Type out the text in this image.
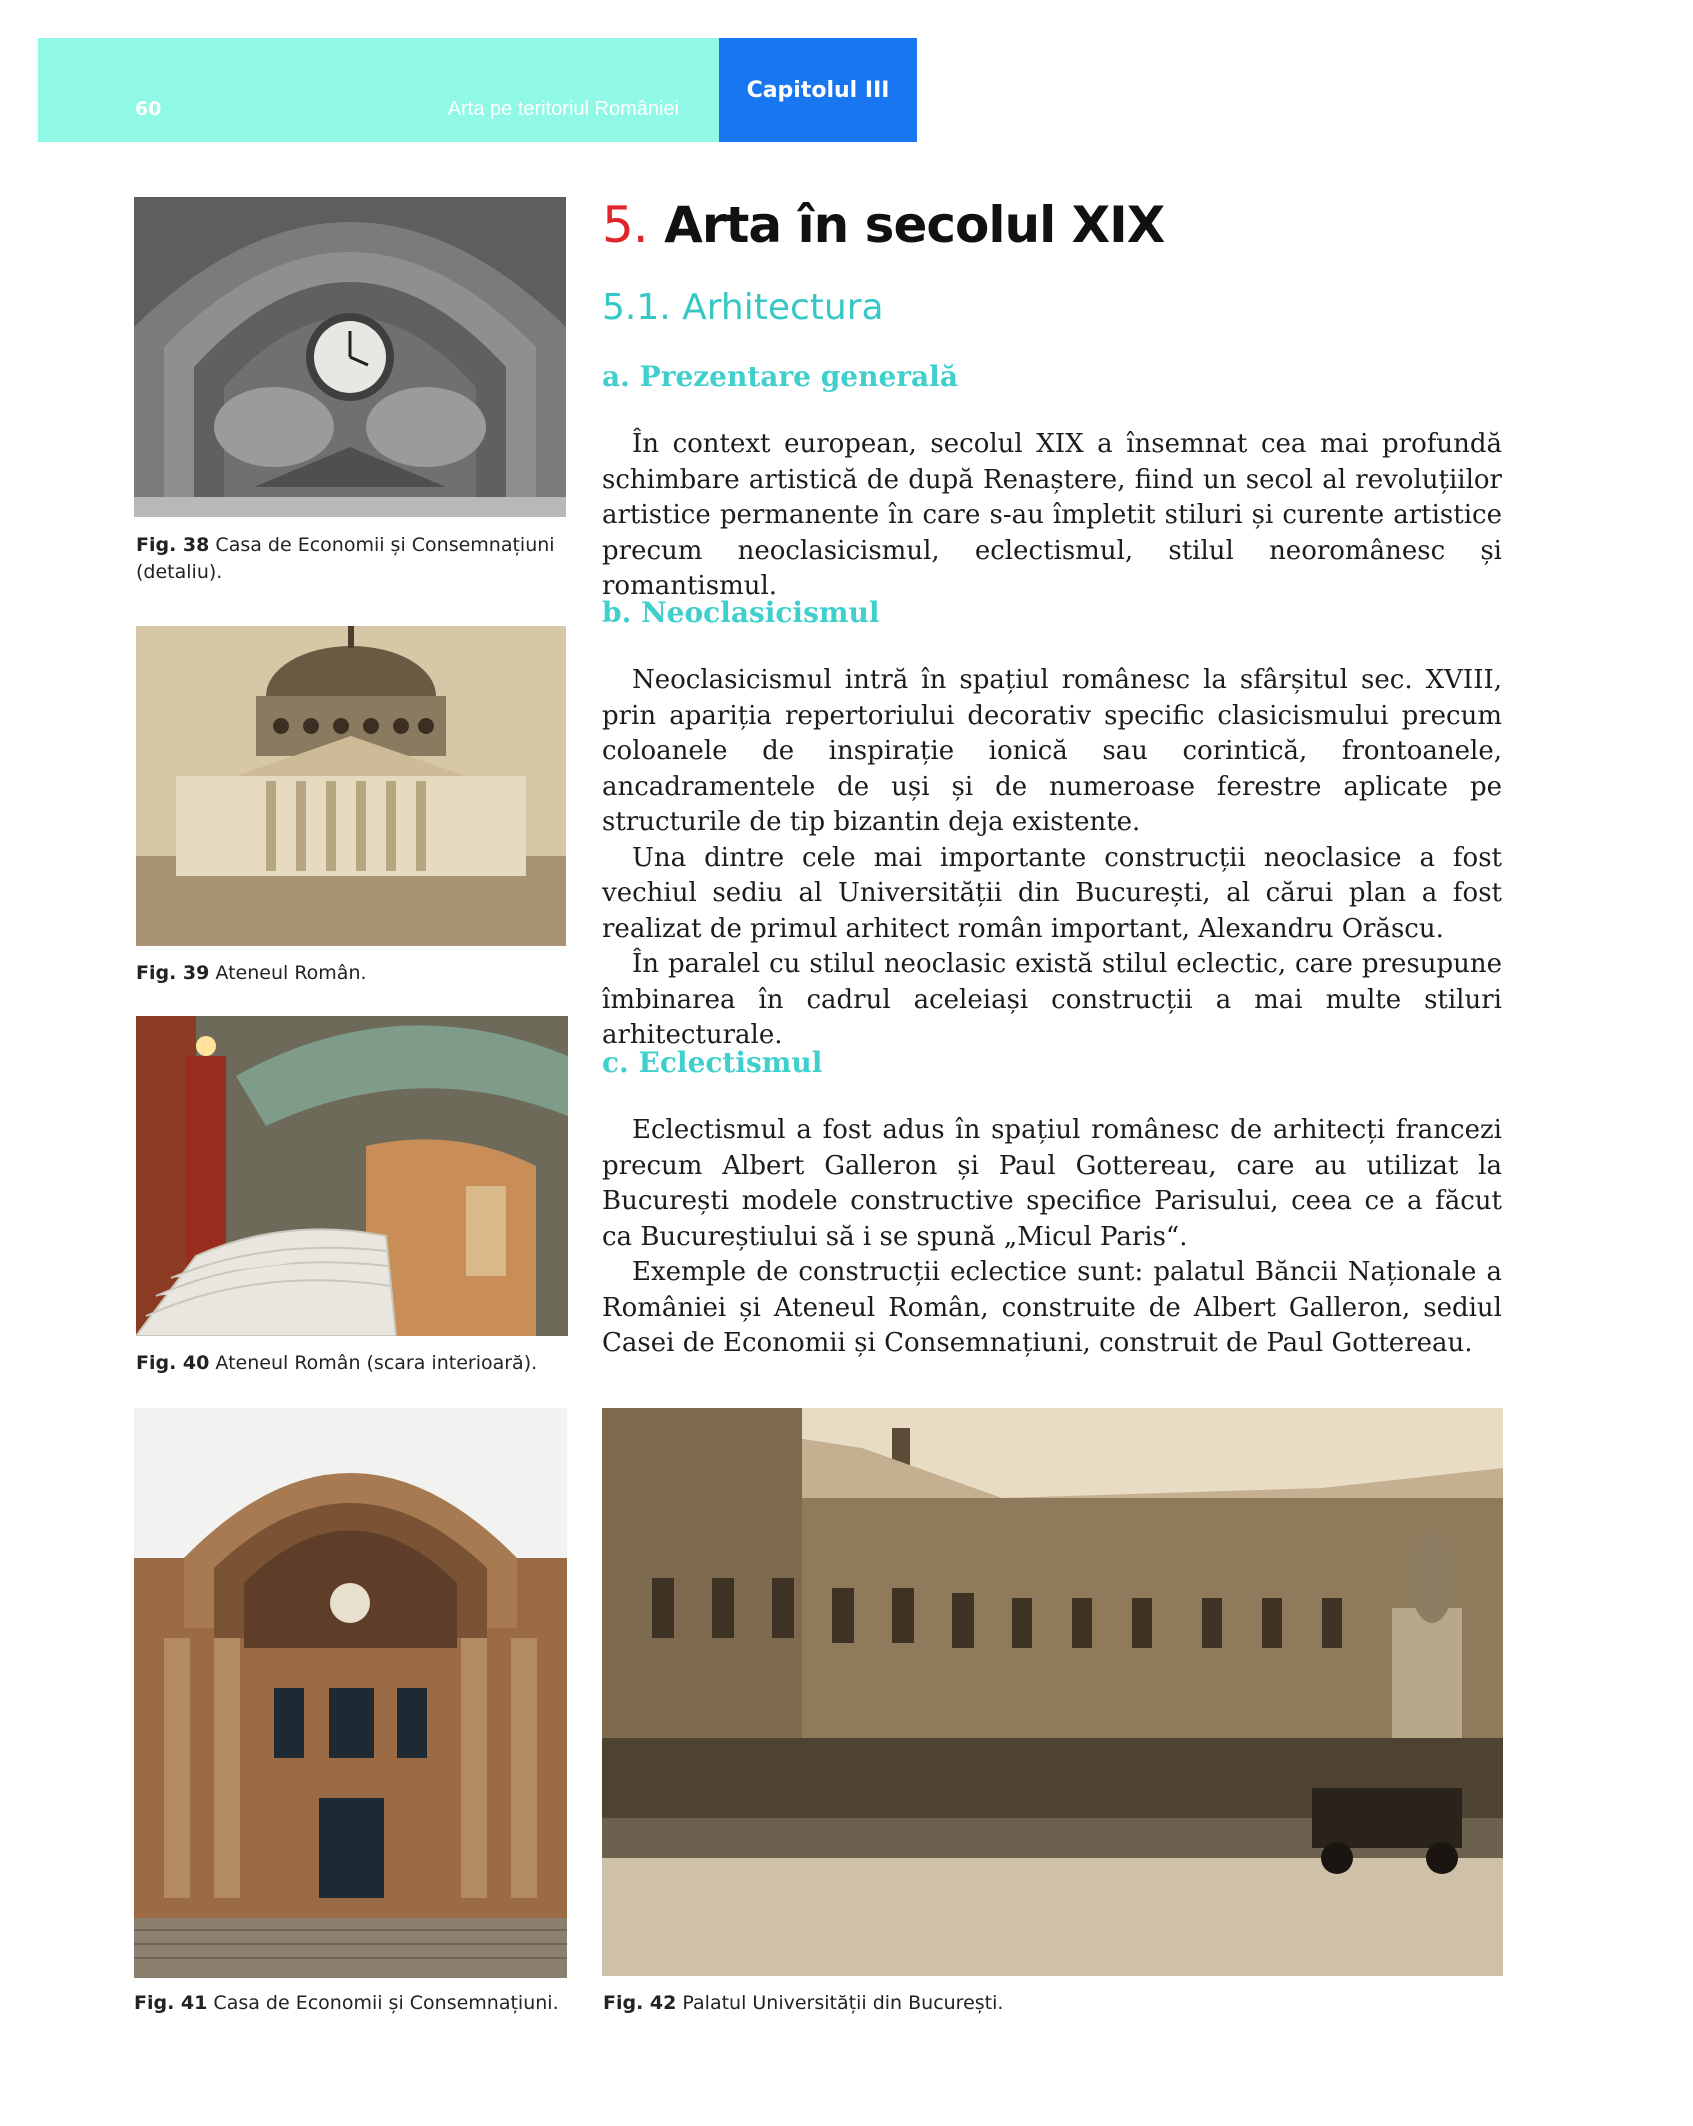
60	Arta pe teritoriul României
Capitolul III
Fig. 38 Casa de Economii și Consemnațiuni (detaliu).
Fig. 39 Ateneul Român.
Fig. 40 Ateneul Român (scara interioară).
Fig. 41 Casa de Economii și Consemnațiuni.	Fig. 42 Palatul Universității din București.
5. Arta în secolul XIX
5.1. Arhitectura
a. Prezentare generală

În context european, secolul XIX a însemnat cea mai profundă schimbare artistică de după Renaștere, fiind un secol al revoluțiilor artistice permanente în care s-au împletit stiluri și curente artistice precum neoclasicismul, eclectismul, stilul neoromânesc și romantismul.

b. Neoclasicismul

Neoclasicismul intră în spațiul românesc la sfârșitul sec. XVIII, prin apariția repertoriului decorativ specific clasicismului precum coloanele de inspirație ionică sau corintică, frontoanele, ancadramentele de uși și de numeroase ferestre aplicate pe structurile de tip bizantin deja existente.

Una dintre cele mai importante construcții neoclasice a fost vechiul sediu al Universității din București, al cărui plan a fost realizat de primul arhitect român important, Alexandru Orăscu.

În paralel cu stilul neoclasic există stilul eclectic, care presupune îmbinarea în cadrul aceleiași construcții a mai multe stiluri arhitecturale.

c. Eclectismul

Eclectismul a fost adus în spațiul românesc de arhitecți francezi precum Albert Galleron și Paul Gottereau, care au utilizat la București modele constructive specifice Parisului, ceea ce a făcut ca Bucureștiului să i se spună „Micul Paris“.

Exemple de construcții eclectice sunt: palatul Băncii Naționale a României și Ateneul Român, construite de Albert Galleron, sediul Casei de Economii și Consemnațiuni, construit de Paul Gottereau.
